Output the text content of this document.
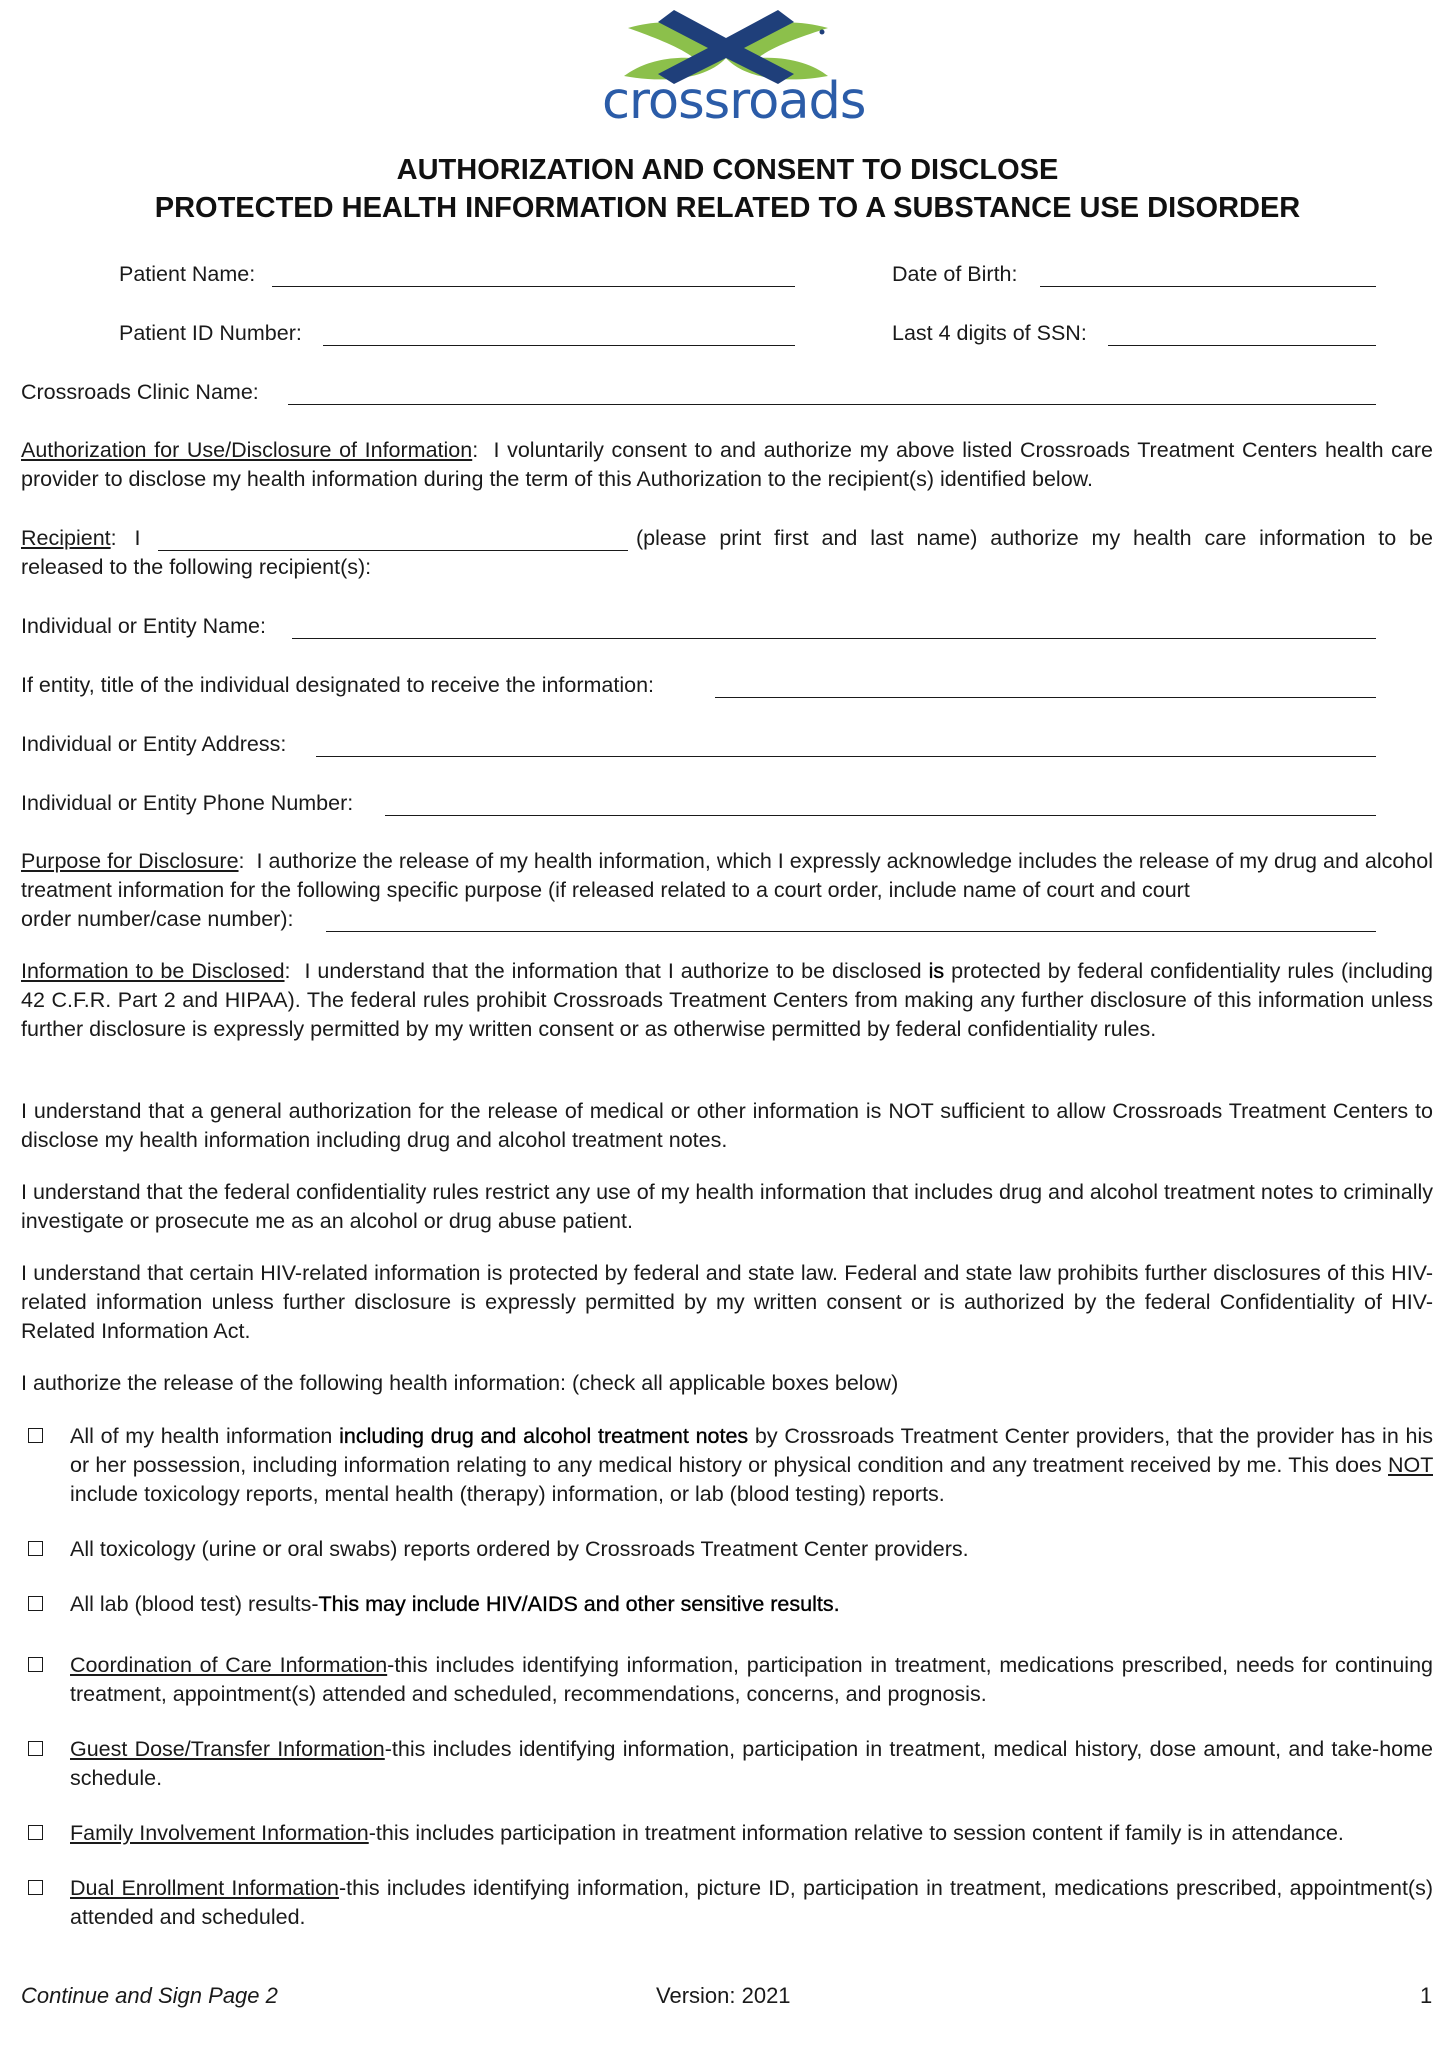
crossroads
AUTHORIZATION AND CONSENT TO DISCLOSE
PROTECTED HEALTH INFORMATION RELATED TO A SUBSTANCE USE DISORDER
Patient Name:	Date of Birth:
Patient ID Number:	Last 4 digits of SSN:
Crossroads Clinic Name:
Authorization for Use/Disclosure of Information:  I voluntarily consent to and authorize my above listed Crossroads Treatment Centers health care provider to disclose my health information during the term of this Authorization to the recipient(s) identified below.
Recipient:   I	(please print first and last name) authorize my health care information to be
released to the following recipient(s):
Individual or Entity Name:
If entity, title of the individual designated to receive the information:
Individual or Entity Address:
Individual or Entity Phone Number:
Purpose for Disclosure:  I authorize the release of my health information, which I expressly acknowledge includes the release of my drug and alcohol treatment information for the following specific purpose (if released related to a court order, include name of court and court
order number/case number):
Information to be Disclosed:  I understand that the information that I authorize to be disclosed is protected by federal confidentiality rules (including 42 C.F.R. Part 2 and HIPAA). The federal rules prohibit Crossroads Treatment Centers from making any further disclosure of this information unless further disclosure is expressly permitted by my written consent or as otherwise permitted by federal confidentiality rules.
I understand that a general authorization for the release of medical or other information is NOT sufficient to allow Crossroads Treatment Centers to disclose my health information including drug and alcohol treatment notes.
I understand that the federal confidentiality rules restrict any use of my health information that includes drug and alcohol treatment notes to criminally investigate or prosecute me as an alcohol or drug abuse patient.
I understand that certain HIV-related information is protected by federal and state law. Federal and state law prohibits further disclosures of this HIV-related information unless further disclosure is expressly permitted by my written consent or is authorized by the federal Confidentiality of HIV-Related Information Act.
I authorize the release of the following health information: (check all applicable boxes below)
All of my health information including drug and alcohol treatment notes by Crossroads Treatment Center providers, that the provider has in his or her possession, including information relating to any medical history or physical condition and any treatment received by me. This does NOT include toxicology reports, mental health (therapy) information, or lab (blood testing) reports.
All toxicology (urine or oral swabs) reports ordered by Crossroads Treatment Center providers.
All lab (blood test) results-This may include HIV/AIDS and other sensitive results.
Coordination of Care Information-this includes identifying information, participation in treatment, medications prescribed, needs for continuing treatment, appointment(s) attended and scheduled, recommendations, concerns, and prognosis.
Guest Dose/Transfer Information-this includes identifying information, participation in treatment, medical history, dose amount, and take-home schedule.
Family Involvement Information-this includes participation in treatment information relative to session content if family is in attendance.
Dual Enrollment Information-this includes identifying information, picture ID, participation in treatment, medications prescribed, appointment(s) attended and scheduled.
Continue and Sign Page 2	Version: 2021	1
